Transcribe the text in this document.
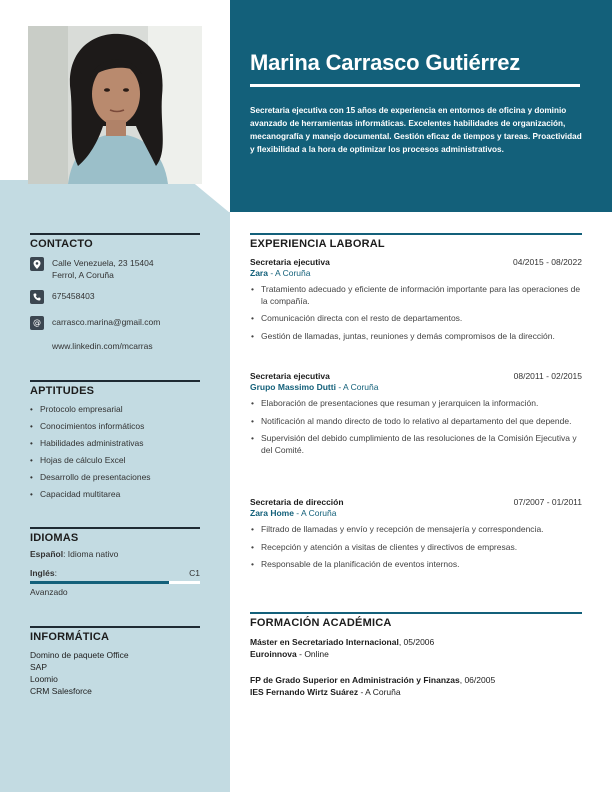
Marina Carrasco Gutiérrez
Secretaria ejecutiva con 15 años de experiencia en entornos de oficina y dominio avanzado de herramientas informáticas. Excelentes habilidades de organización, mecanografía y manejo documental. Gestión eficaz de tiempos y tareas. Proactividad y flexibilidad a la hora de optimizar los procesos administrativos.
CONTACTO
Calle Venezuela, 23 15404
Ferrol, A Coruña
675458403
@ carrasco.marina@gmail.com
www.linkedin.com/mcarras
APTITUDES
• Protocolo empresarial
• Conocimientos informáticos
• Habilidades administrativas
• Hojas de cálculo Excel
• Desarrollo de presentaciones
• Capacidad multitarea
IDIOMAS
Español: Idioma nativo
Inglés:	C1
Avanzado
INFORMÁTICA
Domino de paquete Office
SAP
Loomio
CRM Salesforce
EXPERIENCIA LABORAL
Secretaria ejecutiva	04/2015 - 08/2022
Zara - A Coruña
• Tratamiento adecuado y eficiente de información importante para las operaciones de la compañía.
• Comunicación directa con el resto de departamentos.
• Gestión de llamadas, juntas, reuniones y demás compromisos de la dirección.
Secretaria ejecutiva	08/2011 - 02/2015
Grupo Massimo Dutti - A Coruña
• Elaboración de presentaciones que resuman y jerarquicen la información.
• Notificación al mando directo de todo lo relativo al departamento del que depende.
• Supervisión del debido cumplimiento de las resoluciones de la Comisión Ejecutiva y del Comité.
Secretaria de dirección	07/2007 - 01/2011
Zara Home - A Coruña
• Filtrado de llamadas y envío y recepción de mensajería y correspondencia.
• Recepción y atención a visitas de clientes y directivos de empresas.
• Responsable de la planificación de eventos internos.
FORMACIÓN ACADÉMICA
Máster en Secretariado Internacional, 05/2006
Euroinnova - Online
FP de Grado Superior en Administración y Finanzas, 06/2005
IES Fernando Wirtz Suárez - A Coruña
